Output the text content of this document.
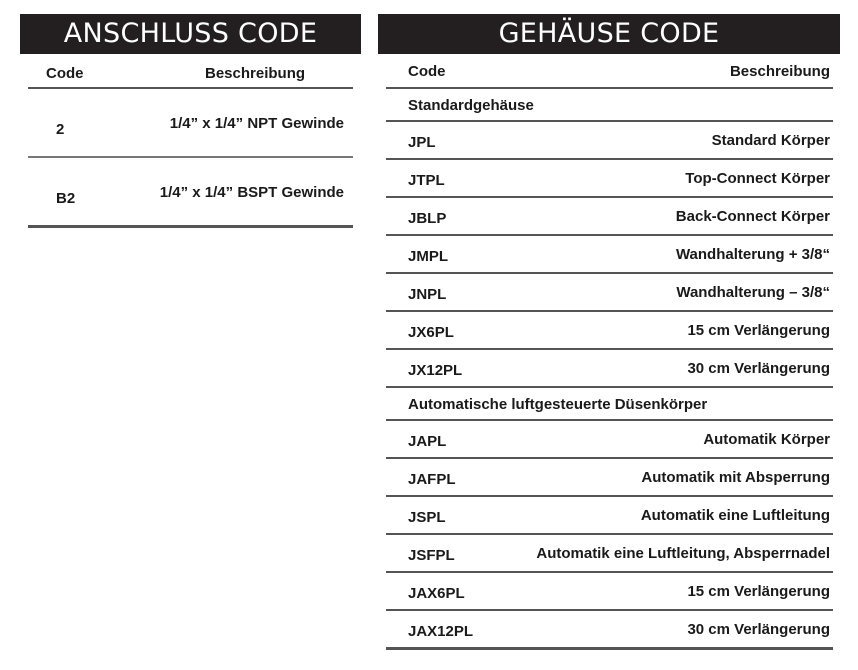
ANSCHLUSS CODE	GEHÄUSE CODE
Code	Beschreibung
2	1/4” x 1/4” NPT Gewinde
B2	1/4” x 1/4” BSPT Gewinde
Code	Beschreibung
Standardgehäuse
JPL	Standard Körper
JTPL	Top-Connect Körper
JBLP	Back-Connect Körper
JMPL	Wandhalterung + 3/8“
JNPL	Wandhalterung – 3/8“
JX6PL	15 cm Verlängerung
JX12PL	30 cm Verlängerung
Automatische luftgesteuerte Düsenkörper
JAPL	Automatik Körper
JAFPL	Automatik mit Absperrung
JSPL	Automatik eine Luftleitung
JSFPL	Automatik eine Luftleitung, Absperrnadel
JAX6PL	15 cm Verlängerung
JAX12PL	30 cm Verlängerung
